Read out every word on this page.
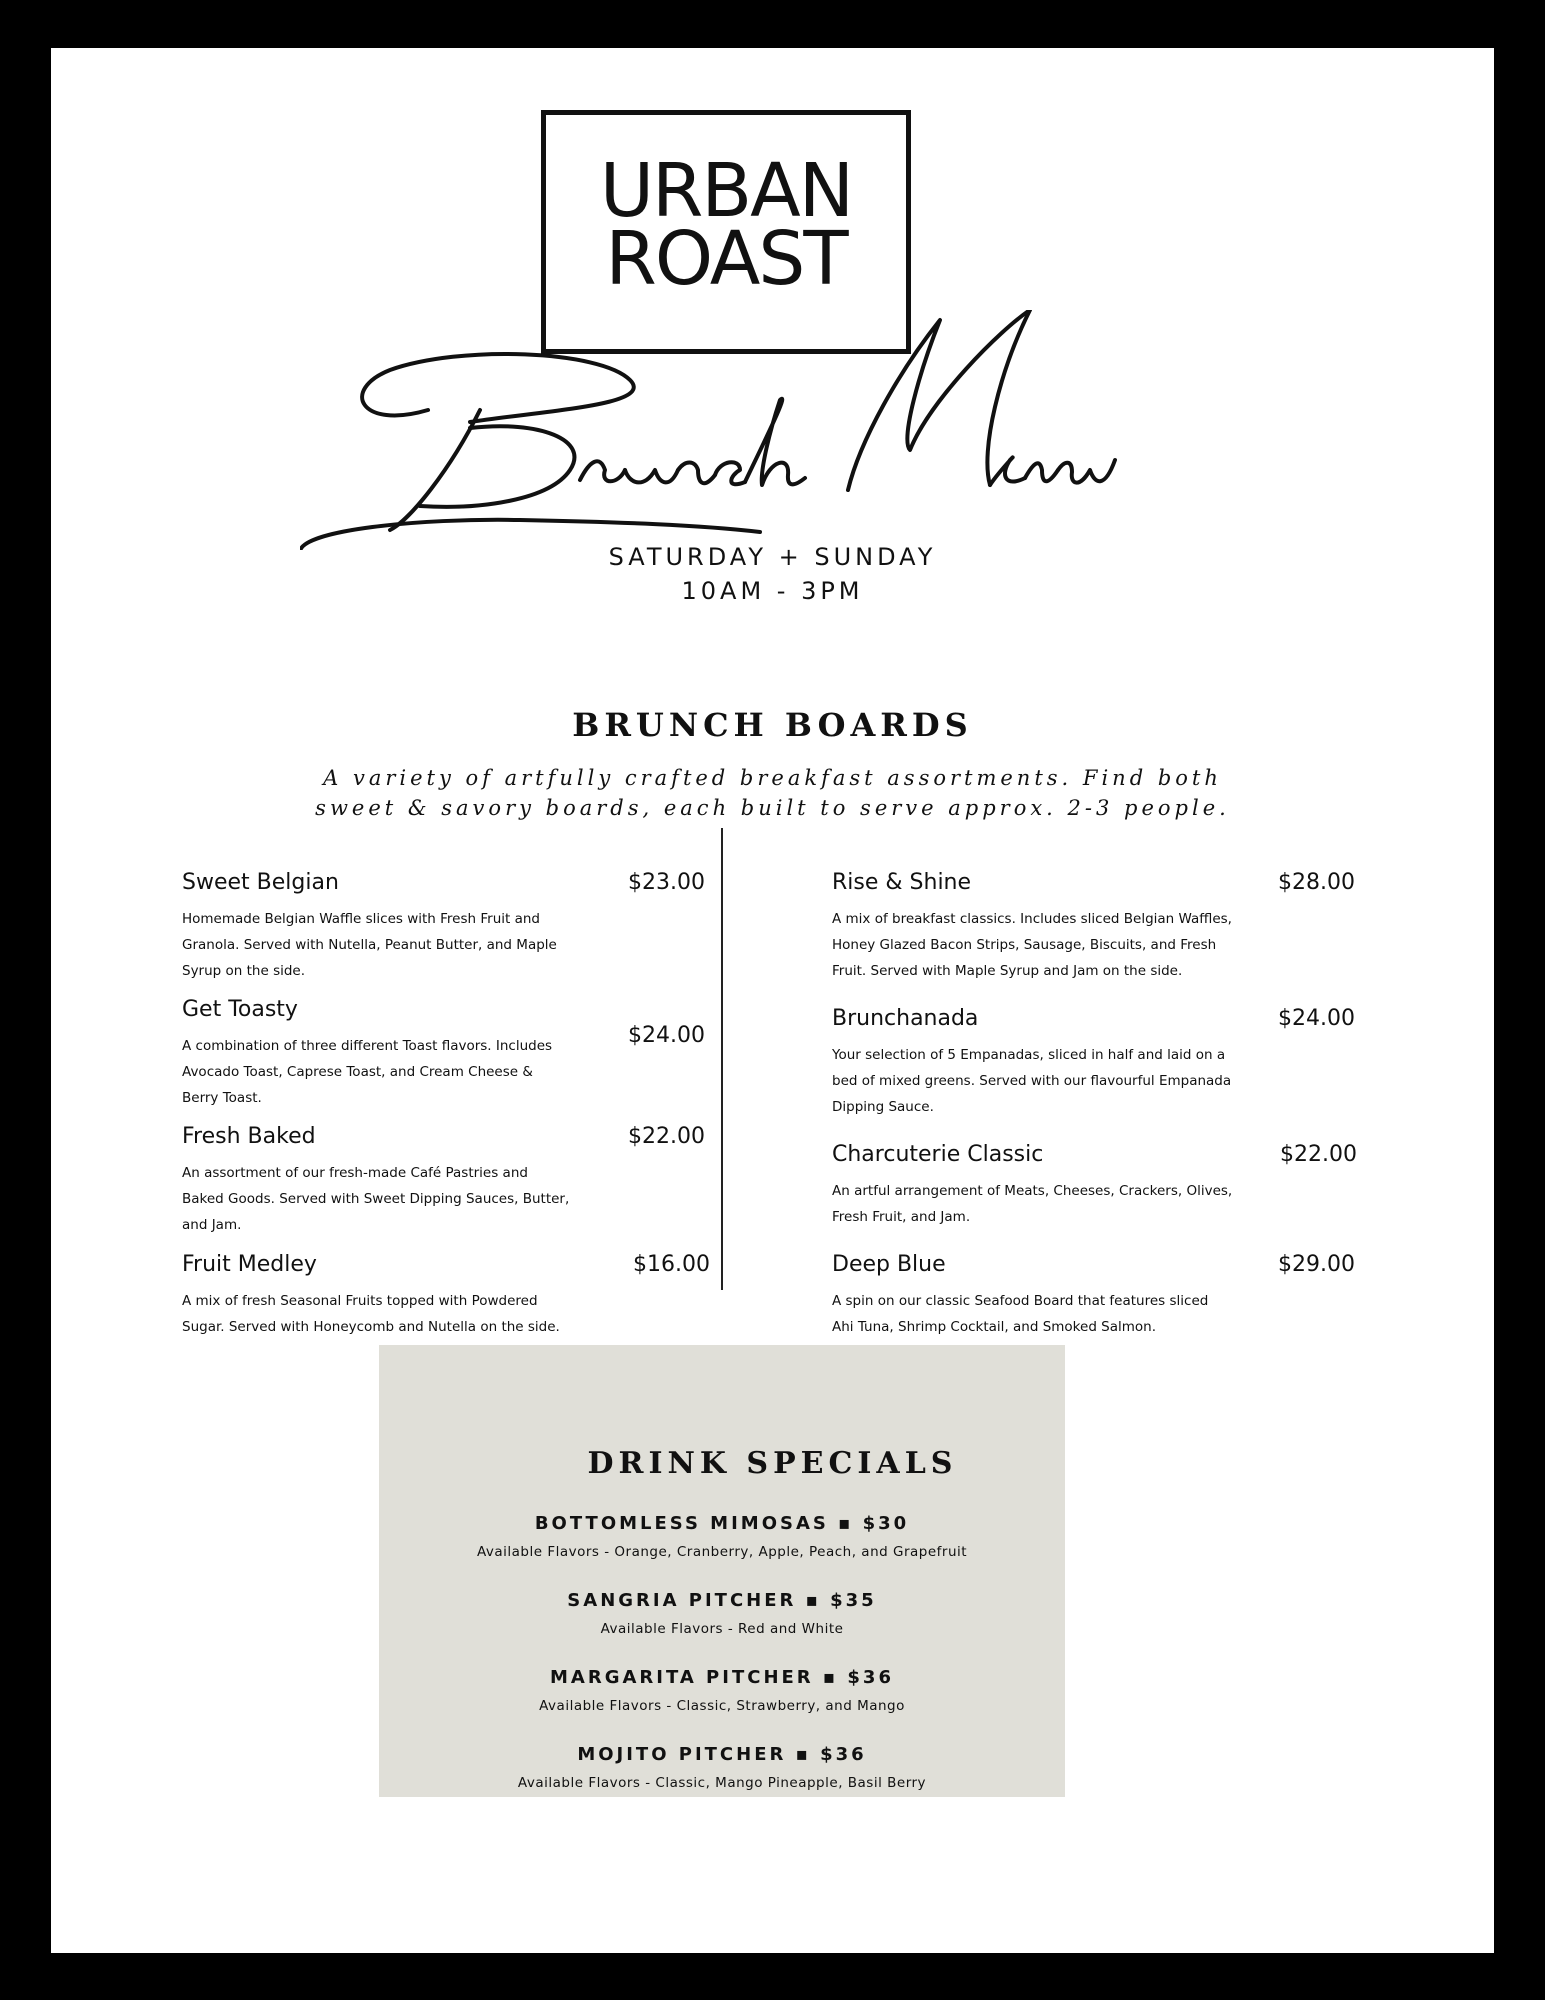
URBAN
ROAST
SATURDAY + SUNDAY
10AM - 3PM
BRUNCH BOARDS
A variety of artfully crafted breakfast assortments. Find both
sweet & savory boards, each built to serve approx. 2-3 people.
Sweet Belgian	$23.00
Homemade Belgian Waffle slices with Fresh Fruit and
Granola. Served with Nutella, Peanut Butter, and Maple
Syrup on the side.
Get Toasty
$24.00
A combination of three different Toast flavors. Includes
Avocado Toast, Caprese Toast, and Cream Cheese &
Berry Toast.
Fresh Baked	$22.00
An assortment of our fresh-made Café Pastries and
Baked Goods. Served with Sweet Dipping Sauces, Butter,
and Jam.
Fruit Medley	$16.00
A mix of fresh Seasonal Fruits topped with Powdered
Sugar. Served with Honeycomb and Nutella on the side.
Rise & Shine	$28.00
A mix of breakfast classics. Includes sliced Belgian Waffles,
Honey Glazed Bacon Strips, Sausage, Biscuits, and Fresh
Fruit. Served with Maple Syrup and Jam on the side.
Brunchanada	$24.00
Your selection of 5 Empanadas, sliced in half and laid on a
bed of mixed greens. Served with our flavourful Empanada
Dipping Sauce.
Charcuterie Classic	$22.00
An artful arrangement of Meats, Cheeses, Crackers, Olives,
Fresh Fruit, and Jam.
Deep Blue	$29.00
A spin on our classic Seafood Board that features sliced
Ahi Tuna, Shrimp Cocktail, and Smoked Salmon.
DRINK SPECIALS
BOTTOMLESS MIMOSAS ▪ $30
Available Flavors - Orange, Cranberry, Apple, Peach, and Grapefruit
SANGRIA PITCHER ▪ $35
Available Flavors - Red and White
MARGARITA PITCHER ▪ $36
Available Flavors - Classic, Strawberry, and Mango
MOJITO PITCHER ▪ $36
Available Flavors - Classic, Mango Pineapple, Basil Berry
